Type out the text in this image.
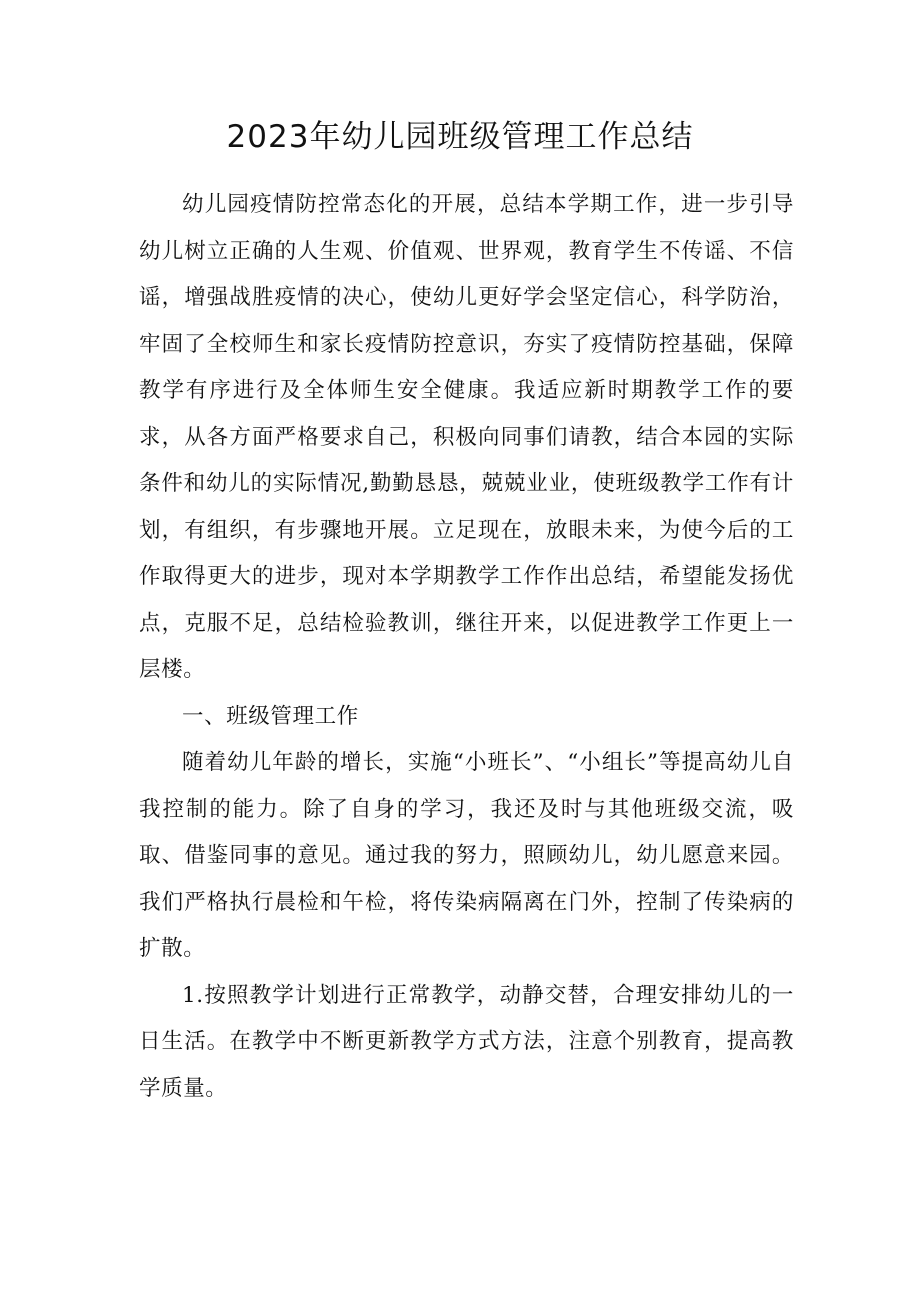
2023年幼儿园班级管理工作总结

幼儿园疫情防控常态化的开展，总结本学期工作，进一步引导幼儿树立正确的人生观、价值观、世界观，教育学生不传谣、不信谣，增强战胜疫情的决心，使幼儿更好学会坚定信心，科学防治，牢固了全校师生和家长疫情防控意识，夯实了疫情防控基础，保障教学有序进行及全体师生安全健康。我适应新时期教学工作的要求，从各方面严格要求自己，积极向同事们请教，结合本园的实际条件和幼儿的实际情况,勤勤恳恳，兢兢业业，使班级教学工作有计划，有组织，有步骤地开展。立足现在，放眼未来，为使今后的工作取得更大的进步，现对本学期教学工作作出总结，希望能发扬优点，克服不足，总结检验教训，继往开来，以促进教学工作更上一层楼。

一、班级管理工作

随着幼儿年龄的增长，实施“小班长”、“小组长”等提高幼儿自我控制的能力。除了自身的学习，我还及时与其他班级交流，吸取、借鉴同事的意见。通过我的努力，照顾幼儿，幼儿愿意来园。我们严格执行晨检和午检，将传染病隔离在门外，控制了传染病的扩散。

1.按照教学计划进行正常教学，动静交替，合理安排幼儿的一日生活。在教学中不断更新教学方式方法，注意个别教育，提高教学质量。
